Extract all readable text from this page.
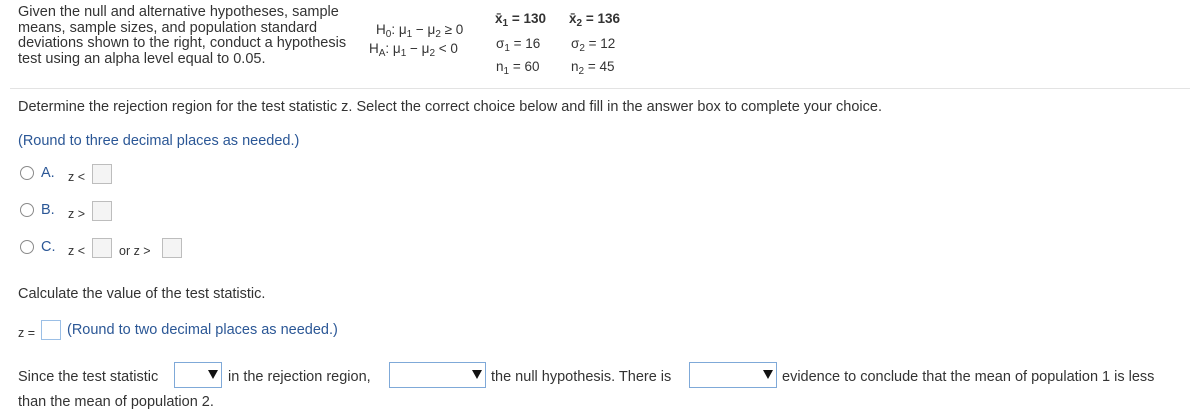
Given the null and alternative hypotheses, sample means, sample sizes, and population standard deviations shown to the right, conduct a hypothesis test using an alpha level equal to 0.05.
$H_0$: $\mu_1 - \mu_2 \ge 0$
$H_A$: $\mu_1 - \mu_2 < 0$
$x̄_1 = 130$ $x̄_2 = 136$
$\sigma_1 = 16$ $\sigma_2 = 12$
$n_1 = 60$ $n_2 = 45$
Determine the rejection region for the test statistic z. Select the correct choice below and fill in the answer box to complete your choice.
(Round to three decimal places as needed.)
A. z <
B. z >
C. z <	or z >
Calculate the value of the test statistic.
z = (Round to two decimal places as needed.)
Since the test statistic	in the rejection region,	the null hypothesis. There is	evidence to conclude that the mean of population 1 is less
than the mean of population 2.
